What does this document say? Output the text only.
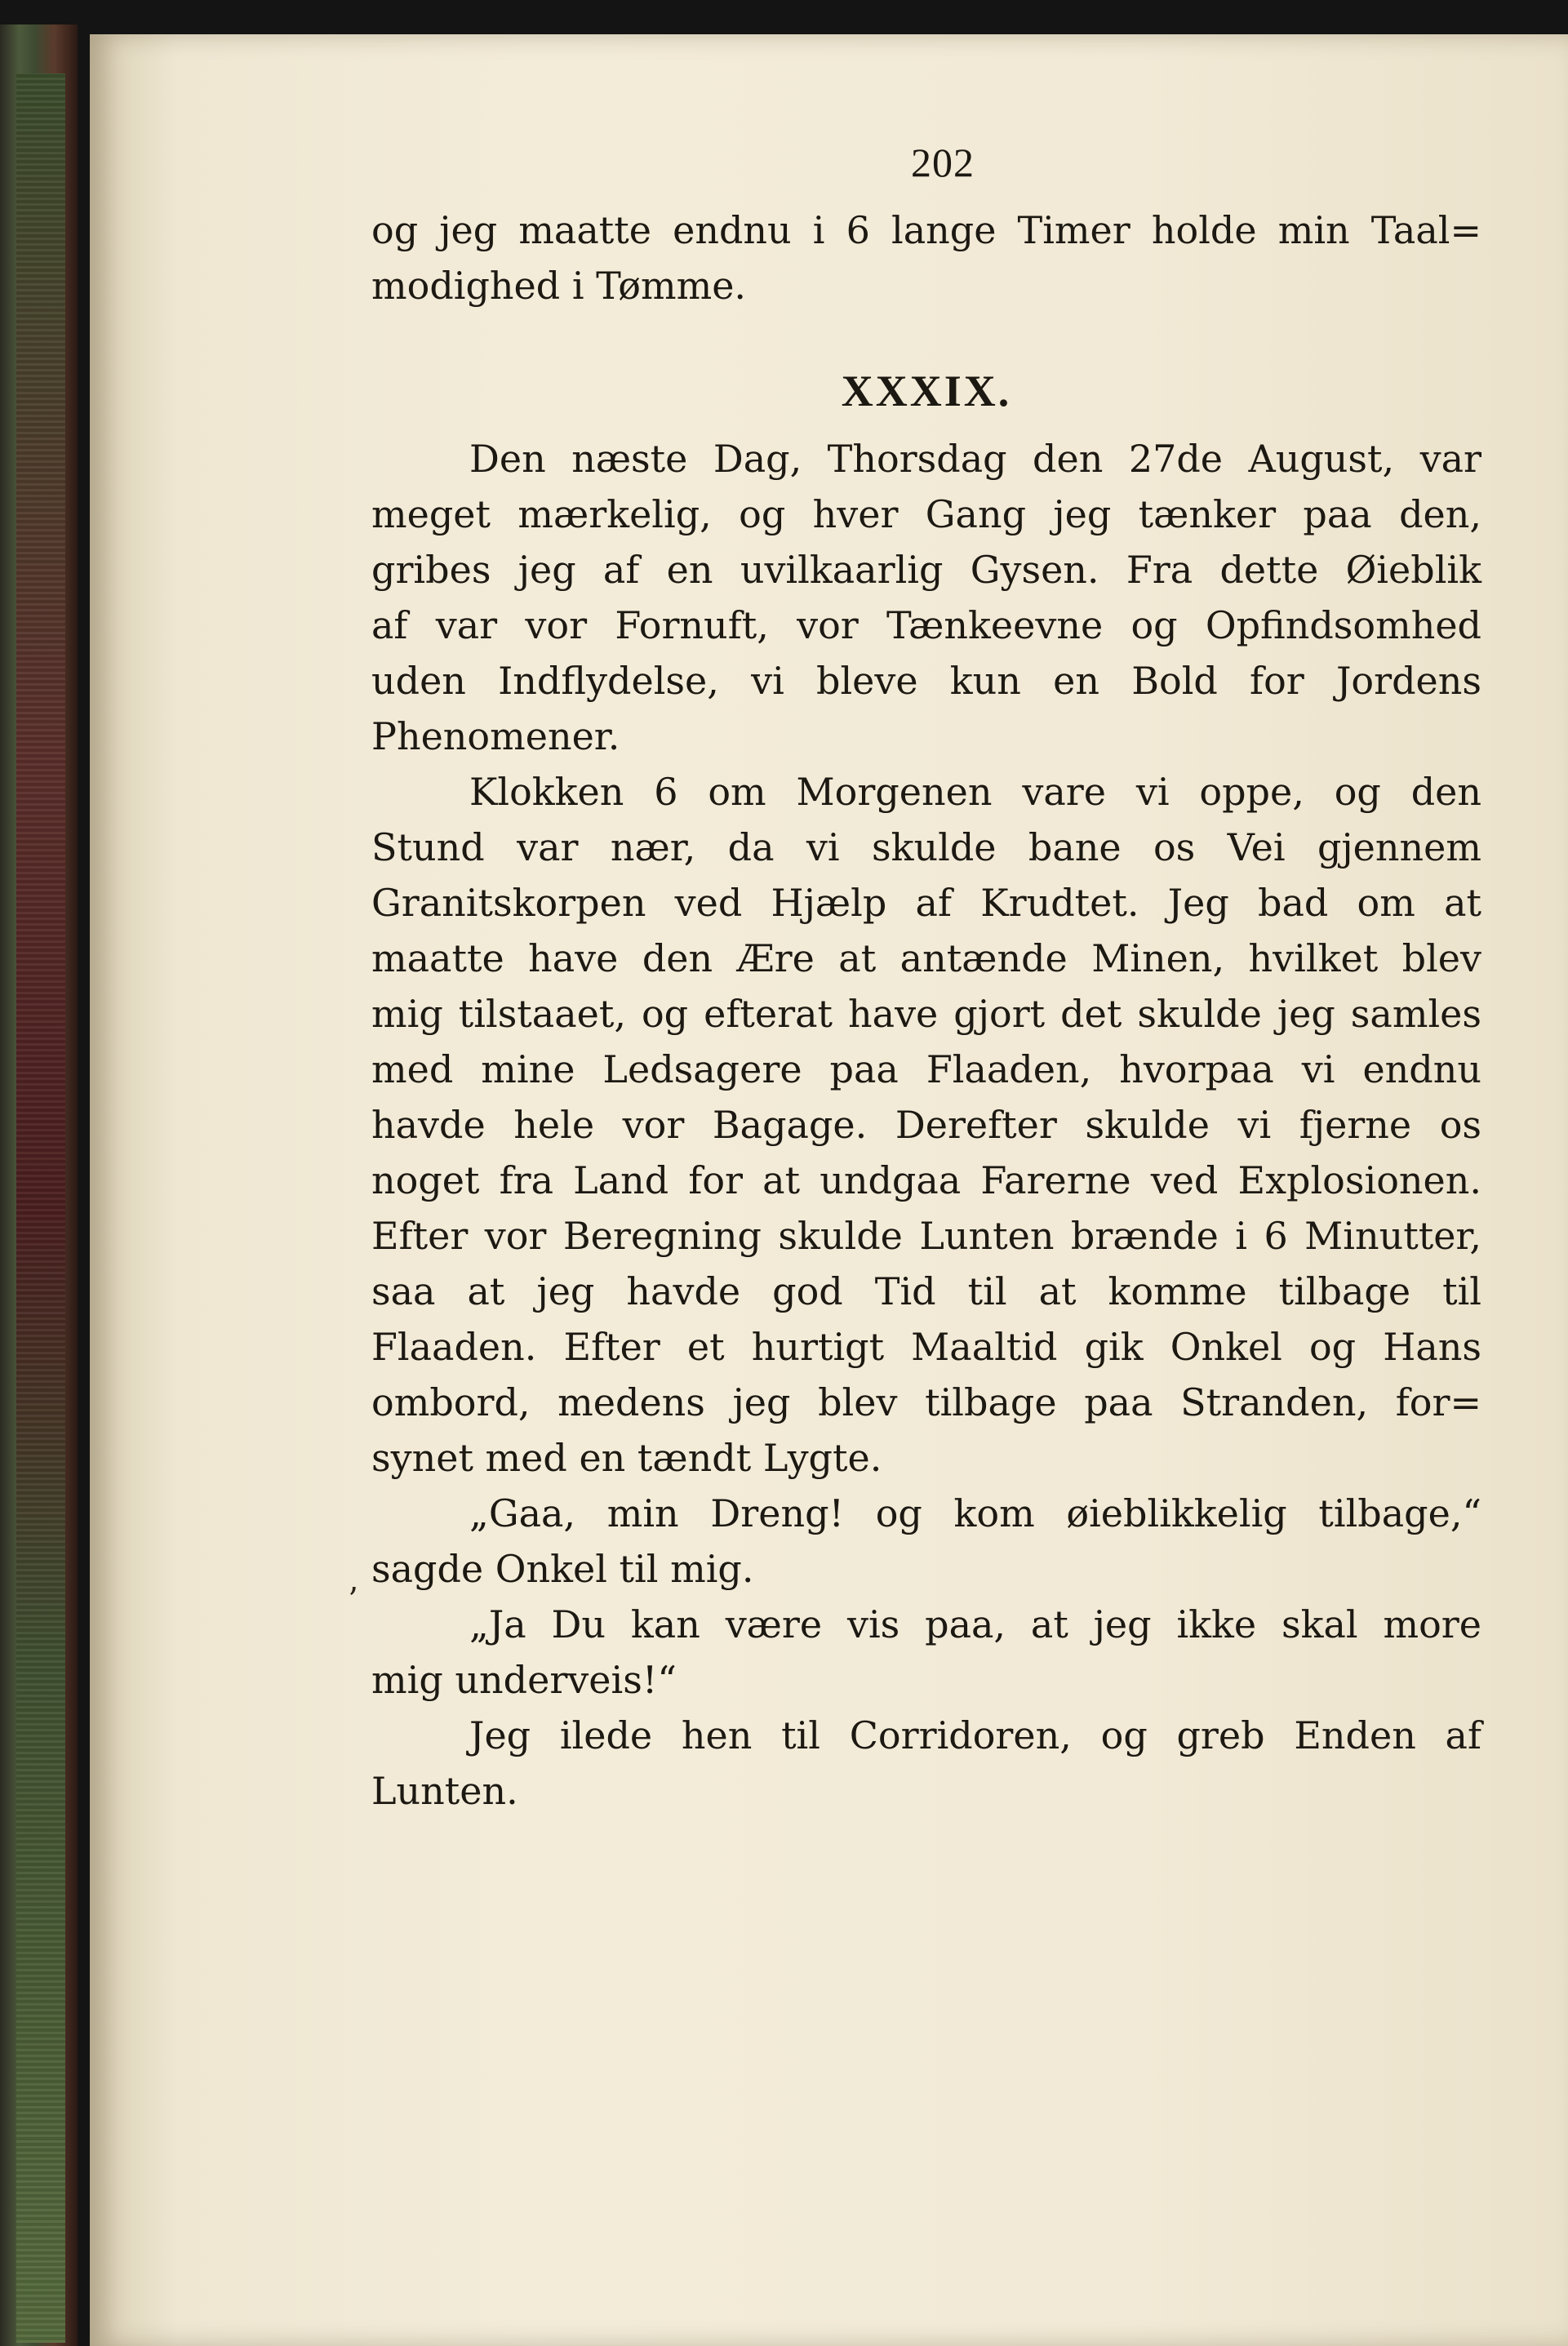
202

og jeg maatte endnu i 6 lange Timer holde min Taal=

modighed i Tømme.

XXXIX.

Den næste Dag, Thorsdag den 27de August, var

meget mærkelig, og hver Gang jeg tænker paa den,

gribes jeg af en uvilkaarlig Gysen. Fra dette Øieblik

af var vor Fornuft, vor Tænkeevne og Opfindsomhed

uden Indflydelse, vi bleve kun en Bold for Jordens

Phenomener.

Klokken 6 om Morgenen vare vi oppe, og den

Stund var nær, da vi skulde bane os Vei gjennem

Granitskorpen ved Hjælp af Krudtet. Jeg bad om at

maatte have den Ære at antænde Minen, hvilket blev

mig tilstaaet, og efterat have gjort det skulde jeg samles

med mine Ledsagere paa Flaaden, hvorpaa vi endnu

havde hele vor Bagage. Derefter skulde vi fjerne os

noget fra Land for at undgaa Farerne ved Explosionen.

Efter vor Beregning skulde Lunten brænde i 6 Minutter,

saa at jeg havde god Tid til at komme tilbage til

Flaaden. Efter et hurtigt Maaltid gik Onkel og Hans

ombord, medens jeg blev tilbage paa Stranden, for=

synet med en tændt Lygte.

„Gaa, min Dreng! og kom øieblikkelig tilbage,“

sagde Onkel til mig.

„Ja Du kan være vis paa, at jeg ikke skal more

mig underveis!“

Jeg ilede hen til Corridoren, og greb Enden af

Lunten.

ʼ
